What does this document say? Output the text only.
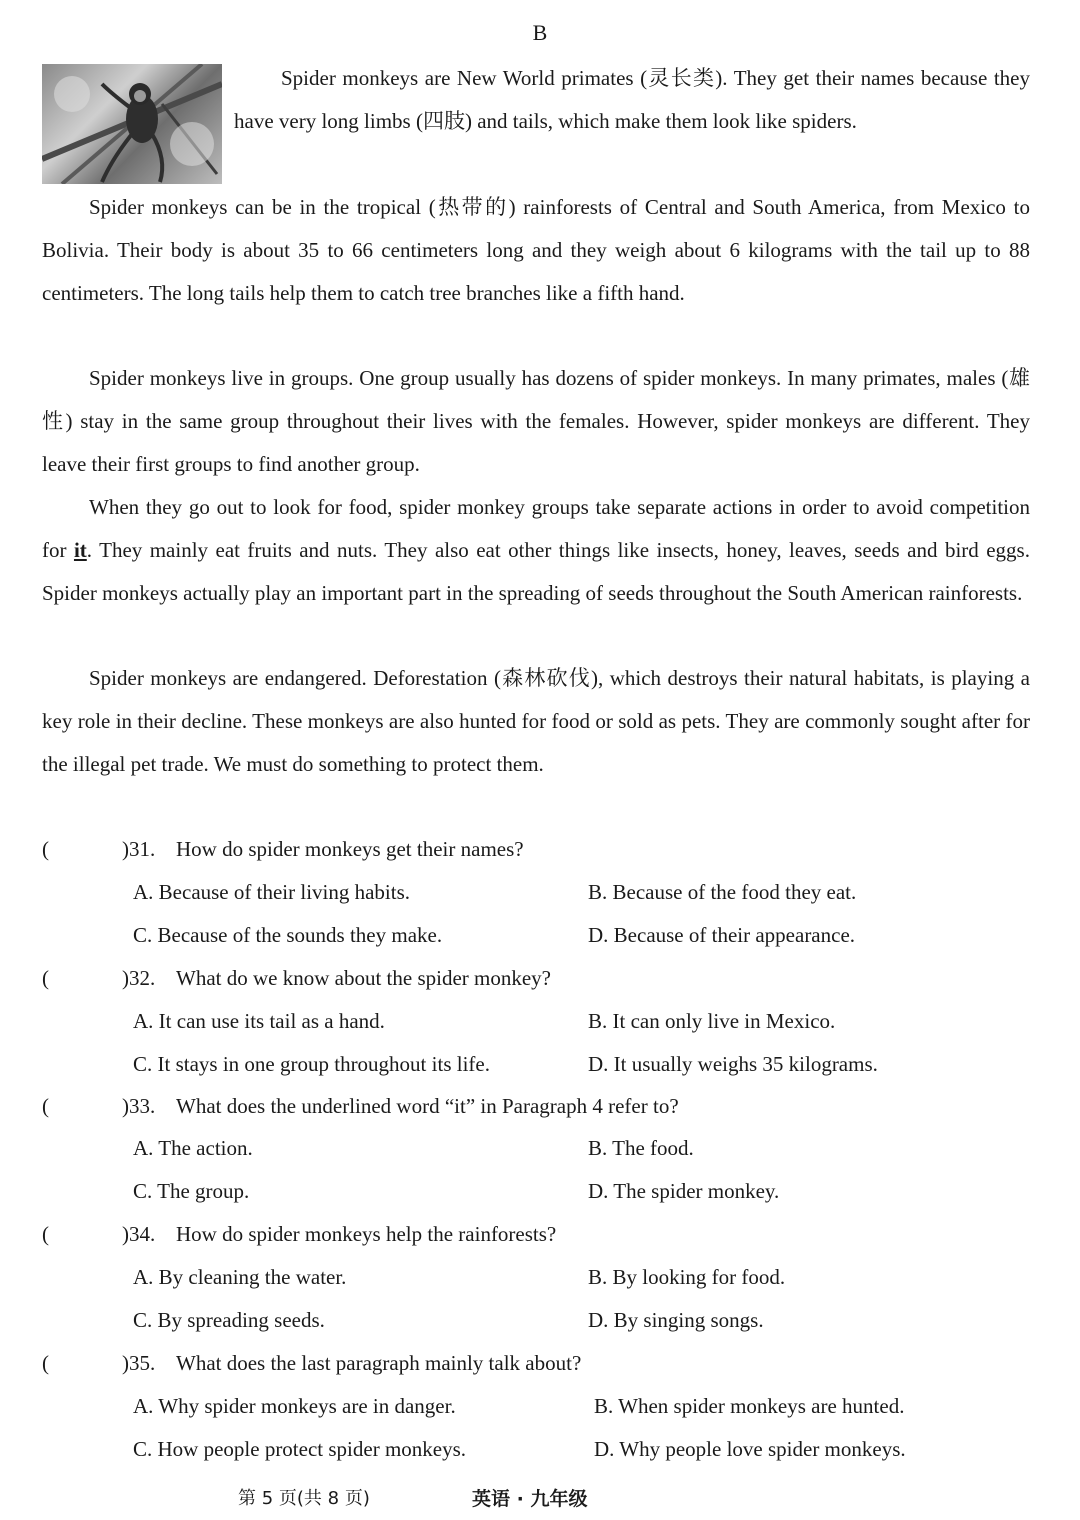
B

Spider monkeys are New World primates (灵长类). They get their names because they have very long limbs (四肢) and tails, which make them look like spiders.

Spider monkeys can be in the tropical (热带的) rainforests of Central and South America, from Mexico to Bolivia. Their body is about 35 to 66 centimeters long and they weigh about 6 kilograms with the tail up to 88 centimeters. The long tails help them to catch tree branches like a fifth hand.

Spider monkeys live in groups. One group usually has dozens of spider monkeys. In many primates, males (雄性) stay in the same group throughout their lives with the females. However, spider monkeys are different. They leave their first groups to find another group.

When they go out to look for food, spider monkey groups take separate actions in order to avoid competition for it. They mainly eat fruits and nuts. They also eat other things like insects, honey, leaves, seeds and bird eggs. Spider monkeys actually play an important part in the spreading of seeds throughout the South American rainforests.

Spider monkeys are endangered. Deforestation (森林砍伐), which destroys their natural habitats, is playing a key role in their decline. These monkeys are also hunted for food or sold as pets. They are commonly sought after for the illegal pet trade. We must do something to protect them.

(	)31. How do spider monkeys get their names?
A. Because of their living habits.	B. Because of the food they eat.
C. Because of the sounds they make.	D. Because of their appearance.
(	)32. What do we know about the spider monkey?
A. It can use its tail as a hand.	B. It can only live in Mexico.
C. It stays in one group throughout its life.	D. It usually weighs 35 kilograms.
(	)33. What does the underlined word “it” in Paragraph 4 refer to?
A. The action.	B. The food.
C. The group.	D. The spider monkey.
(	)34. How do spider monkeys help the rainforests?
A. By cleaning the water.	B. By looking for food.
C. By spreading seeds.	D. By singing songs.
(	)35. What does the last paragraph mainly talk about?
A. Why spider monkeys are in danger.	B. When spider monkeys are hunted.
C. How people protect spider monkeys.	D. Why people love spider monkeys.
第 5 页(共 8 页)	英语 · 九年级
